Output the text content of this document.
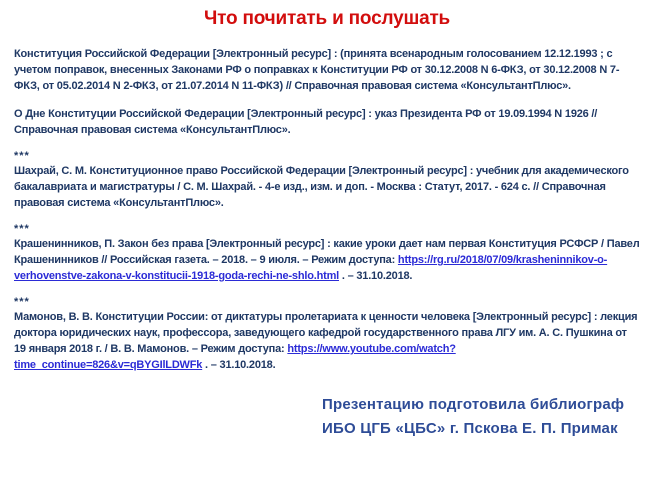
Что почитать и послушать

Конституция Российской Федерации [Электронный ресурс] : (принята всенародным голосованием 12.12.1993 ; с учетом поправок, внесенных Законами РФ о поправках к Конституции РФ от 30.12.2008 N 6-ФКЗ, от 30.12.2008 N 7-ФКЗ, от 05.02.2014 N 2-ФКЗ, от 21.07.2014 N 11-ФКЗ) // Справочная правовая система «КонсультантПлюс».

О Дне Конституции Российской Федерации [Электронный ресурс] : указ Президента РФ от 19.09.1994 N 1926 // Справочная правовая система «КонсультантПлюс».

***

Шахрай, С. М. Конституционное право Российской Федерации [Электронный ресурс] : учебник для академического бакалавриата и магистратуры / С. М. Шахрай. - 4-е изд., изм. и доп. - Москва : Статут, 2017. - 624 с. // Справочная правовая система «КонсультантПлюс».

***

Крашенинников, П. Закон без права [Электронный ресурс] : какие уроки дает нам первая Конституция РСФСР / Павел Крашенинников // Российская газета. – 2018. – 9 июля. – Режим доступа: https://rg.ru/2018/07/09/krasheninnikov-o-verhovenstve-zakona-v-konstitucii-1918-goda-rechi-ne-shlo.html . – 31.10.2018.

***

Мамонов, В. В. Конституции России: от диктатуры пролетариата к ценности человека [Электронный ресурс] : лекция доктора юридических наук, профессора, заведующего кафедрой государственного права ЛГУ им. А. С. Пушкина от 19 января 2018 г. / В. В. Мамонов. – Режим доступа: https://www.youtube.com/watch?time_continue=826&v=qBYGIlLDWFk . – 31.10.2018.

Презентацию подготовила библиограф
ИБО ЦГБ «ЦБС» г. Пскова Е. П. Примак
